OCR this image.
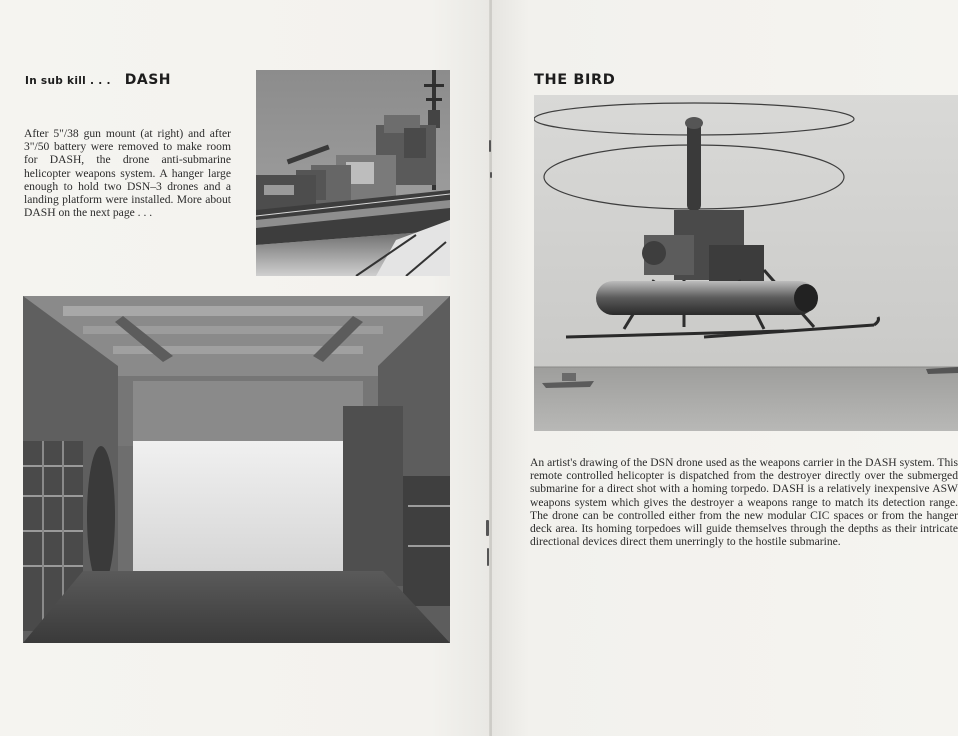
In sub kill . . . DASH
After 5"/38 gun mount (at right) and after 3"/50 battery were removed to make room for DASH, the drone anti-submarine helicopter weapons system. A hanger large enough to hold two DSN–3 drones and a landing platform were installed. More about DASH on the next page . . .
THE BIRD
An artist's drawing of the DSN drone used as the weapons carrier in the DASH system. This remote controlled helicopter is dispatched from the destroyer directly over the submerged submarine for a direct shot with a homing torpedo. DASH is a relatively inexpensive ASW weapons system which gives the destroyer a weapons range to match its detection range. The drone can be controlled either from the new modular CIC spaces or from the hanger deck area. Its homing torpedoes will guide themselves through the depths as their intricate directional devices direct them unerringly to the hostile submarine.
